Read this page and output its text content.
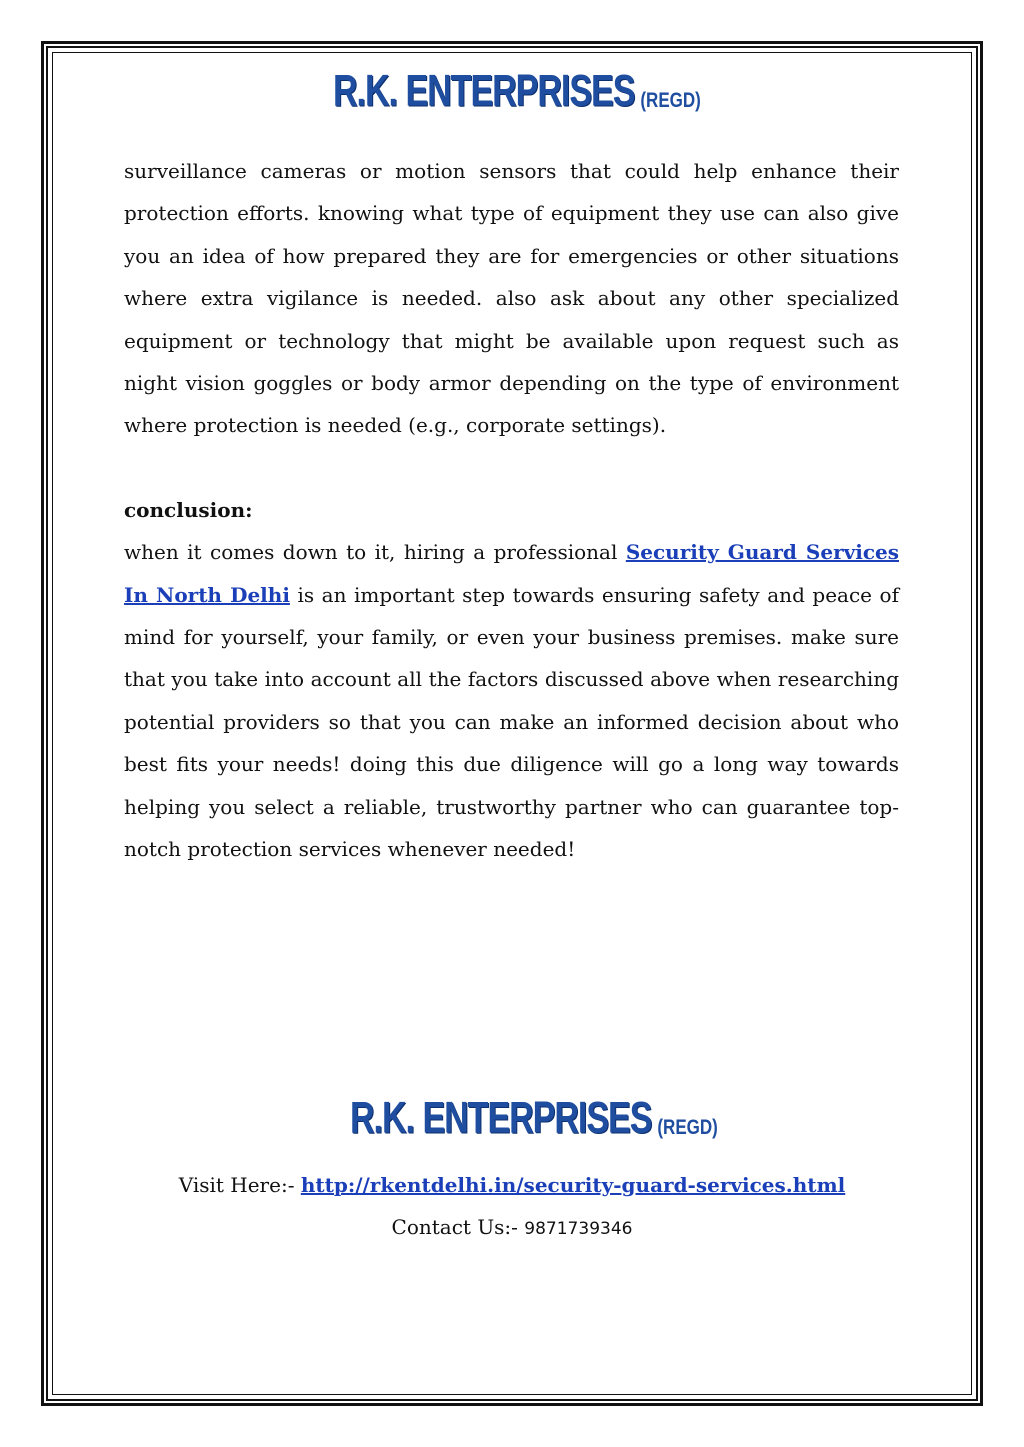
R.K. ENTERPRISES (REGD)

surveillance cameras or motion sensors that could help enhance their protection efforts. knowing what type of equipment they use can also give you an idea of how prepared they are for emergencies or other situations where extra vigilance is needed. also ask about any other specialized equipment or technology that might be available upon request such as night vision goggles or body armor depending on the type of environment where protection is needed (e.g., corporate settings).

conclusion:

when it comes down to it, hiring a professional Security Guard Services In North Delhi is an important step towards ensuring safety and peace of mind for yourself, your family, or even your business premises. make sure that you take into account all the factors discussed above when researching potential providers so that you can make an informed decision about who best fits your needs! doing this due diligence will go a long way towards helping you select a reliable, trustworthy partner who can guarantee top-notch protection services whenever needed!

R.K. ENTERPRISES (REGD)
Visit Here:- http://rkentdelhi.in/security-guard-services.html
Contact Us:- 9871739346
